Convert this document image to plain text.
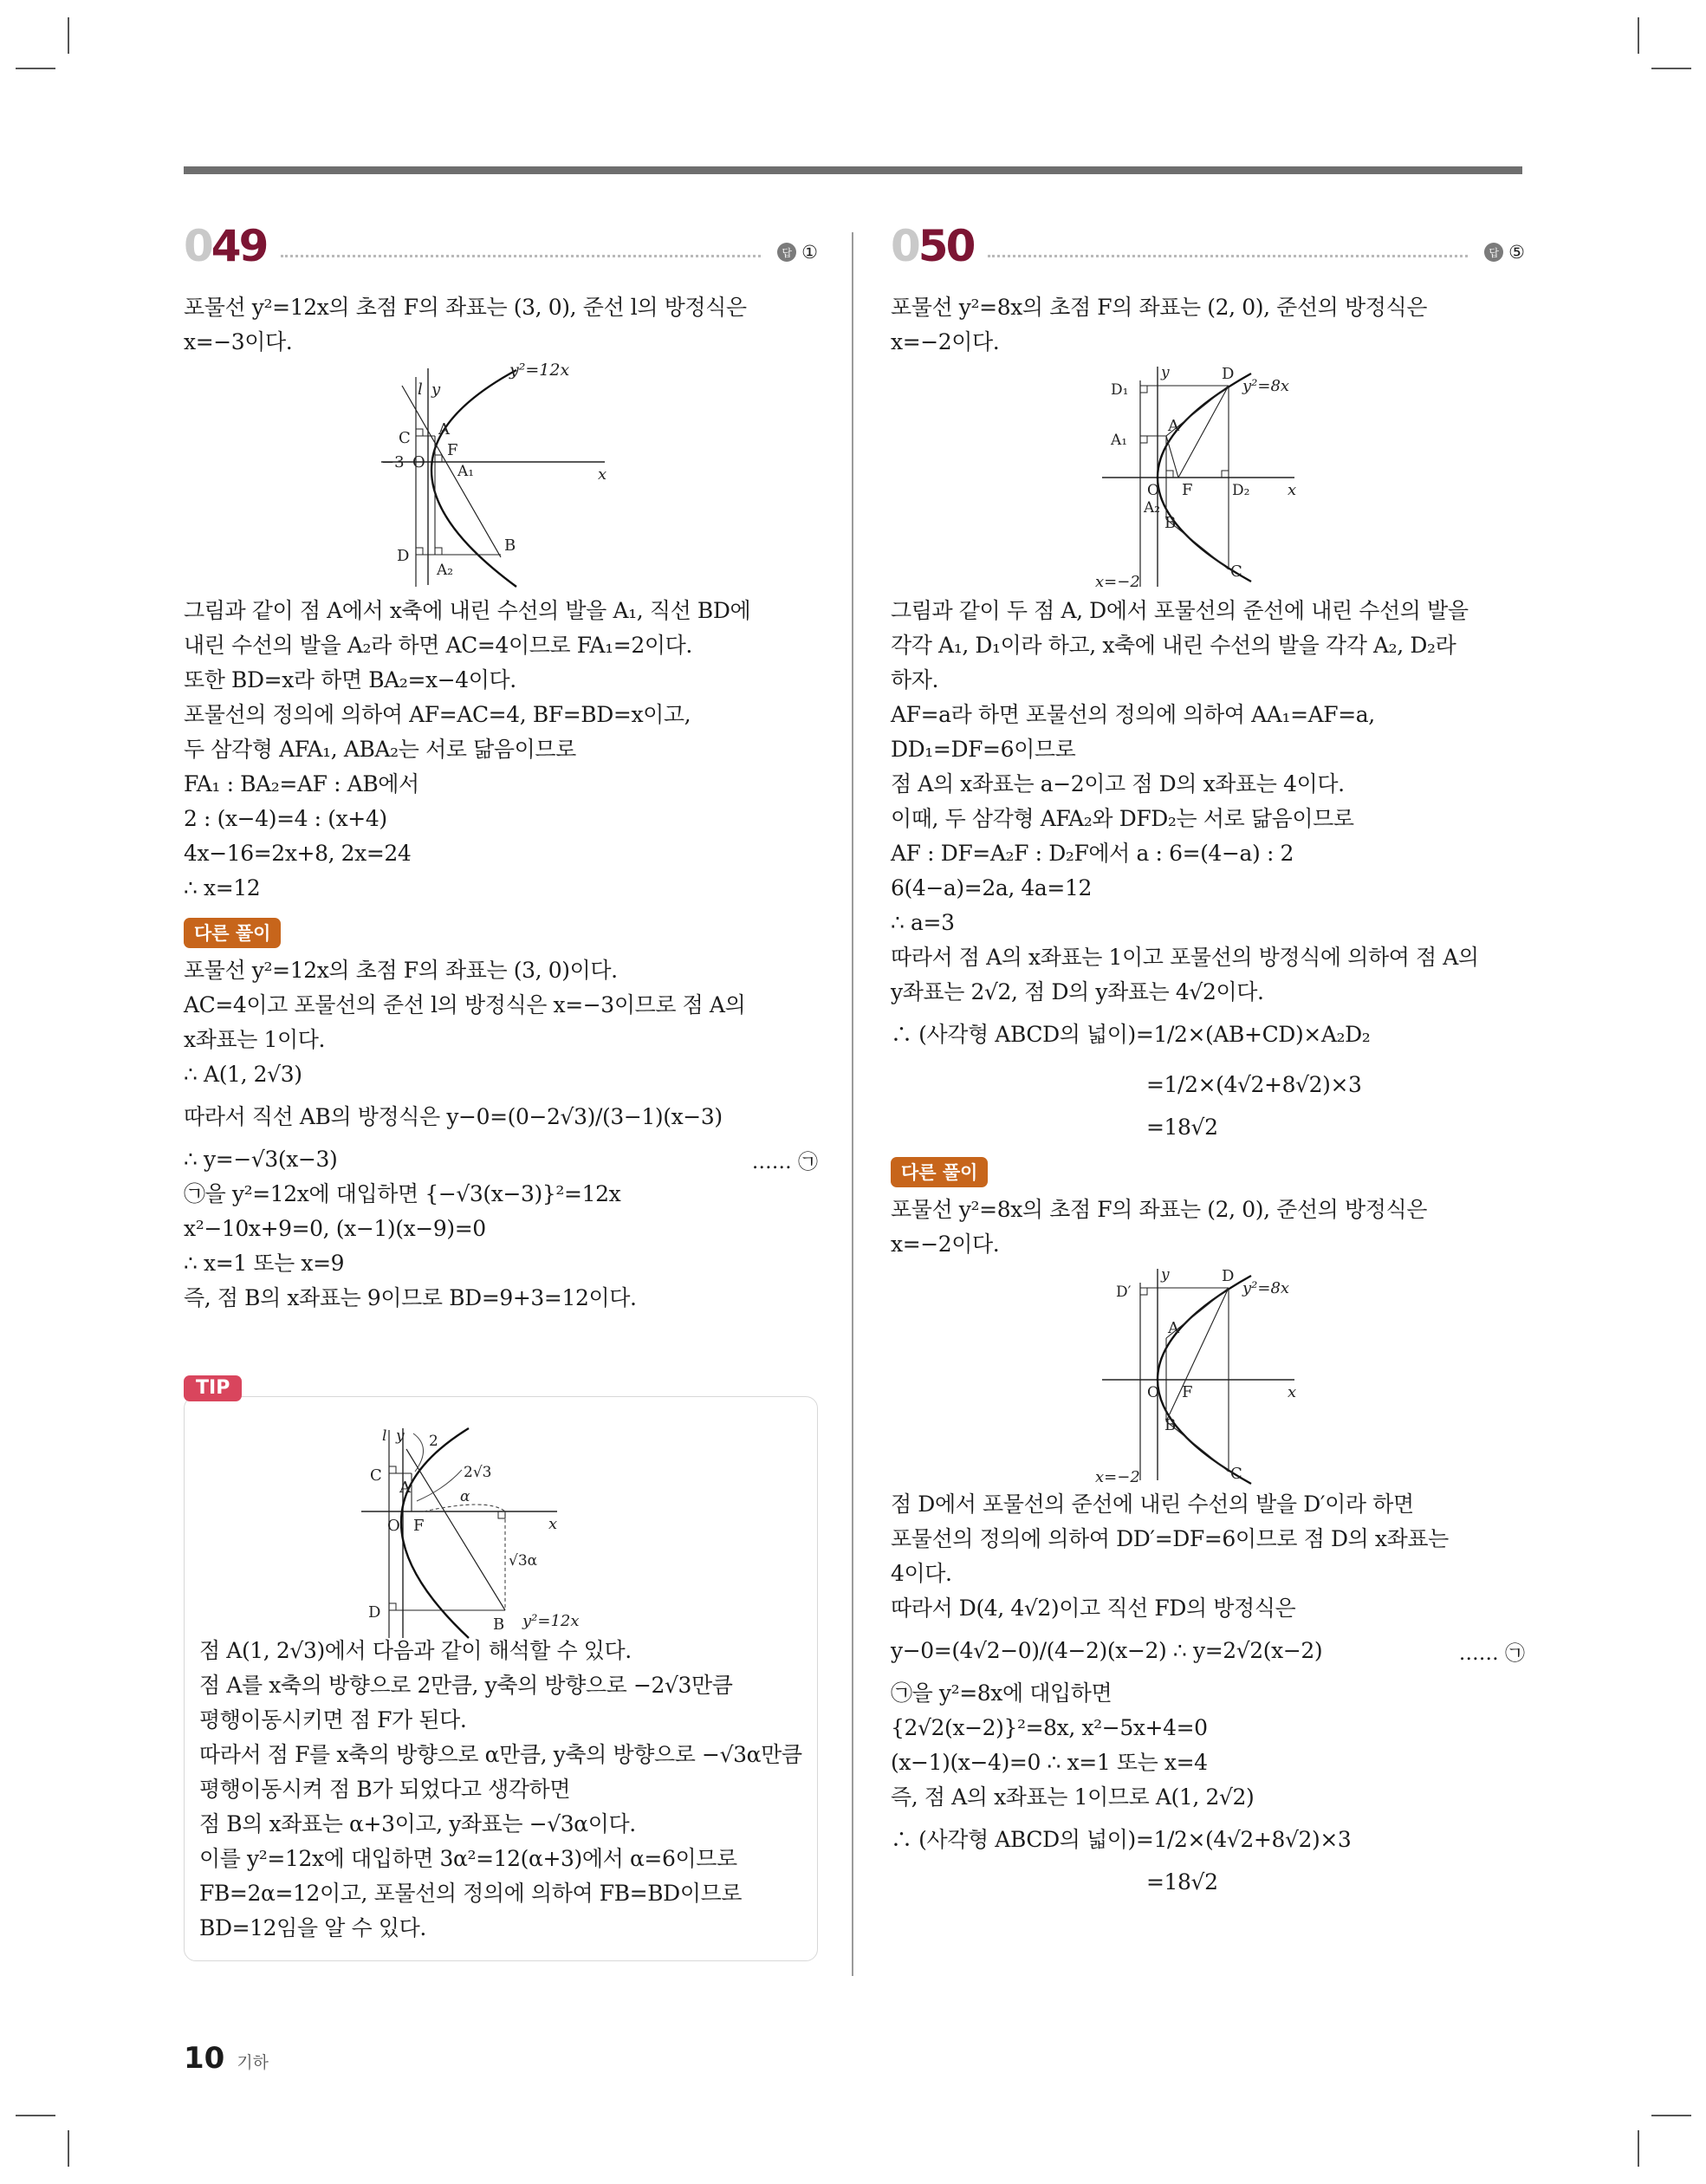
049	답 ①

포물선 y²=12x의 초점 F의 좌표는 (3, 0), 준선 l의 방정식은

x=−3이다.

y²=12x
l y
x
−3 O
C A
F
A₁
D
B
A₂

그림과 같이 점 A에서 x축에 내린 수선의 발을 A₁, 직선 BD에

내린 수선의 발을 A₂라 하면 AC=4이므로 FA₁=2이다.

또한 BD=x라 하면 BA₂=x−4이다.

포물선의 정의에 의하여 AF=AC=4, BF=BD=x이고,

두 삼각형 AFA₁, ABA₂는 서로 닮음이므로

FA₁ : BA₂=AF : AB에서

2 : (x−4)=4 : (x+4)

4x−16=2x+8, 2x=24

∴ x=12

다른 풀이

포물선 y²=12x의 초점 F의 좌표는 (3, 0)이다.

AC=4이고 포물선의 준선 l의 방정식은 x=−3이므로 점 A의

x좌표는 1이다.

∴ A(1, 2√3)

따라서 직선 AB의 방정식은 y−0=(0−2√3)/(3−1)(x−3)

∴ y=−√3(x−3)	…… ㉠

㉠을 y²=12x에 대입하면 {−√3(x−3)}²=12x

x²−10x+9=0, (x−1)(x−9)=0

∴ x=1 또는 x=9

즉, 점 B의 x좌표는 9이므로 BD=9+3=12이다.

l y 2
2√3
C
A	α
O F	x
√3α
D
B y²=12x
TIP

점 A(1, 2√3)에서 다음과 같이 해석할 수 있다.

점 A를 x축의 방향으로 2만큼, y축의 방향으로 −2√3만큼

평행이동시키면 점 F가 된다.

따라서 점 F를 x축의 방향으로 α만큼, y축의 방향으로 −√3α만큼

평행이동시켜 점 B가 되었다고 생각하면

점 B의 x좌표는 α+3이고, y좌표는 −√3α이다.

이를 y²=12x에 대입하면 3α²=12(α+3)에서 α=6이므로

FB=2α=12이고, 포물선의 정의에 의하여 FB=BD이므로

BD=12임을 알 수 있다.

050	답 ⑤

포물선 y²=8x의 초점 F의 좌표는 (2, 0), 준선의 방정식은

x=−2이다.

y	D
y²=8x
D₁
A
A₁
O F	D₂ x
A₂
B
C
x=−2

그림과 같이 두 점 A, D에서 포물선의 준선에 내린 수선의 발을

각각 A₁, D₁이라 하고, x축에 내린 수선의 발을 각각 A₂, D₂라

하자.

AF=a라 하면 포물선의 정의에 의하여 AA₁=AF=a,

DD₁=DF=6이므로

점 A의 x좌표는 a−2이고 점 D의 x좌표는 4이다.

이때, 두 삼각형 AFA₂와 DFD₂는 서로 닮음이므로

AF : DF=A₂F : D₂F에서 a : 6=(4−a) : 2

6(4−a)=2a, 4a=12

∴ a=3

따라서 점 A의 x좌표는 1이고 포물선의 방정식에 의하여 점 A의

y좌표는 2√2, 점 D의 y좌표는 4√2이다.

∴ (사각형 ABCD의 넓이)=1/2×(AB+CD)×A₂D₂

=1/2×(4√2+8√2)×3

=18√2

다른 풀이

포물선 y²=8x의 초점 F의 좌표는 (2, 0), 준선의 방정식은

x=−2이다.

y	D
y²=8x
D′
A
O F	x
B
C
x=−2

점 D에서 포물선의 준선에 내린 수선의 발을 D′이라 하면

포물선의 정의에 의하여 DD′=DF=6이므로 점 D의 x좌표는

4이다.

따라서 D(4, 4√2)이고 직선 FD의 방정식은

y−0=(4√2−0)/(4−2)(x−2) ∴ y=2√2(x−2)	…… ㉠

㉠을 y²=8x에 대입하면

{2√2(x−2)}²=8x, x²−5x+4=0

(x−1)(x−4)=0 ∴ x=1 또는 x=4

즉, 점 A의 x좌표는 1이므로 A(1, 2√2)

∴ (사각형 ABCD의 넓이)=1/2×(4√2+8√2)×3

=18√2

10 기하
